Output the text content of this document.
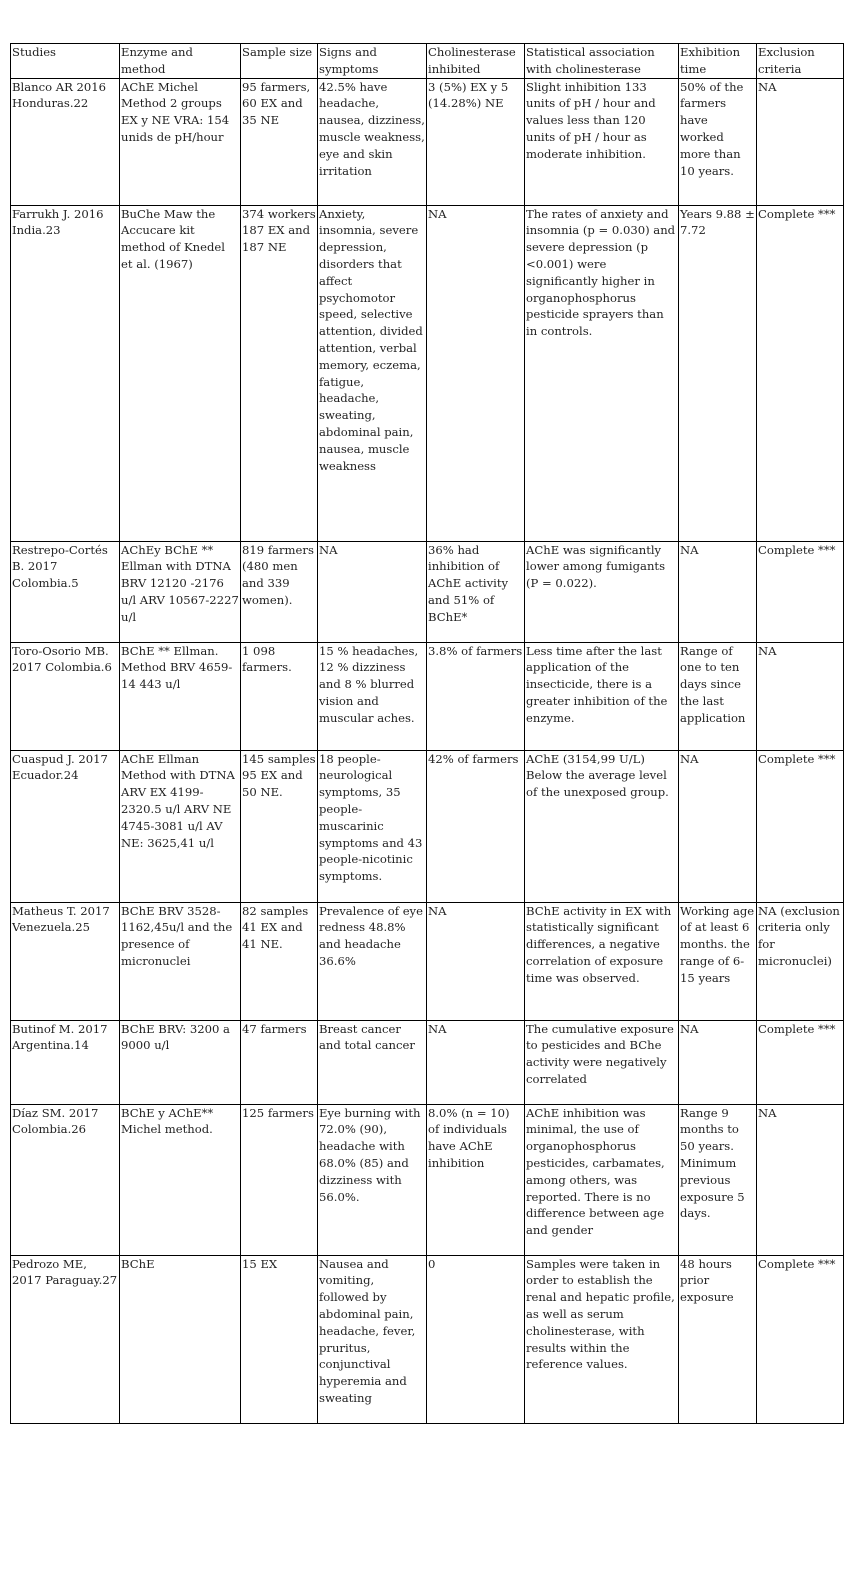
Studies	Enzyme and method	Sample size	Signs and symptoms	Cholinesterase inhibited	Statistical association with cholinesterase	Exhibition time	Exclusion criteria
Blanco AR 2016 Honduras.22	AChE Michel Method 2 groups EX y NE VRA: 154 unids de pH/hour	95 farmers, 60 EX and 35 NE	42.5% have headache, nausea, dizziness, muscle weakness, eye and skin irritation	3 (5%) EX y 5 (14.28%) NE	Slight inhibition 133 units of pH / hour and values less than 120 units of pH / hour as moderate inhibition.	50% of the farmers have worked more than 10 years.	NA
Farrukh J. 2016 India.23	BuChe Maw the Accucare kit method of Knedel et al. (1967)	374 workers 187 EX and 187 NE	Anxiety, insomnia, severe depression, disorders that affect psychomotor speed, selective attention, divided attention, verbal memory, eczema, fatigue, headache, sweating, abdominal pain, nausea, muscle weakness	NA	The rates of anxiety and insomnia (p = 0.030) and severe depression (p <0.001) were significantly higher in organophosphorus pesticide sprayers than in controls.	Years 9.88 ± 7.72	Complete ***
Restrepo-Cortés B. 2017 Colombia.5	AChEy BChE ** Ellman with DTNA BRV 12120 -2176 u/l ARV 10567-2227 u/l	819 farmers (480 men and 339 women).	NA	36% had inhibition of AChE activity and 51% of BChE*	AChE was significantly lower among fumigants (P = 0.022).	NA	Complete ***
Toro-Osorio MB. 2017 Colombia.6	BChE ** Ellman. Method BRV 4659-14 443 u/l	1 098 farmers.	15 % headaches, 12 % dizziness and 8 % blurred vision and muscular aches.	3.8% of farmers	Less time after the last application of the insecticide, there is a greater inhibition of the enzyme.	Range of one to ten days since the last application	NA
Cuaspud J. 2017 Ecuador.24	AChE Ellman Method with DTNA ARV EX 4199- 2320.5 u/l ARV NE 4745-3081 u/l AV NE: 3625,41 u/l	145 samples 95 EX and 50 NE.	18 people-neurological symptoms, 35 people-muscarinic symptoms and 43 people-nicotinic symptoms.	42% of farmers	AChE (3154,99 U/L) Below the average level of the unexposed group.	NA	Complete ***
Matheus T. 2017 Venezuela.25	BChE BRV 3528-1162,45u/l and the presence of micronuclei	82 samples 41 EX and 41 NE.	Prevalence of eye redness 48.8% and headache 36.6%	NA	BChE activity in EX with statistically significant differences, a negative correlation of exposure time was observed.	Working age of at least 6 months. the range of 6- 15 years	NA (exclusion criteria only for micronuclei)
Butinof M. 2017 Argentina.14	BChE BRV: 3200 a 9000 u/l	47 farmers	Breast cancer and total cancer	NA	The cumulative exposure to pesticides and BChe activity were negatively correlated	NA	Complete ***
Díaz SM. 2017 Colombia.26	BChE y AChE** Michel method.	125 farmers	Eye burning with 72.0% (90), headache with 68.0% (85) and dizziness with 56.0%.	8.0% (n = 10) of individuals have AChE inhibition	AChE inhibition was minimal, the use of organophosphorus pesticides, carbamates, among others, was reported. There is no difference between age and gender	Range 9 months to 50 years. Minimum previous exposure 5 days.	NA
Pedrozo ME, 2017 Paraguay.27	BChE	15 EX	Nausea and vomiting, followed by abdominal pain, headache, fever, pruritus, conjunctival hyperemia and sweating	0	Samples were taken in order to establish the renal and hepatic profile, as well as serum cholinesterase, with results within the reference values.	48 hours prior exposure	Complete ***
